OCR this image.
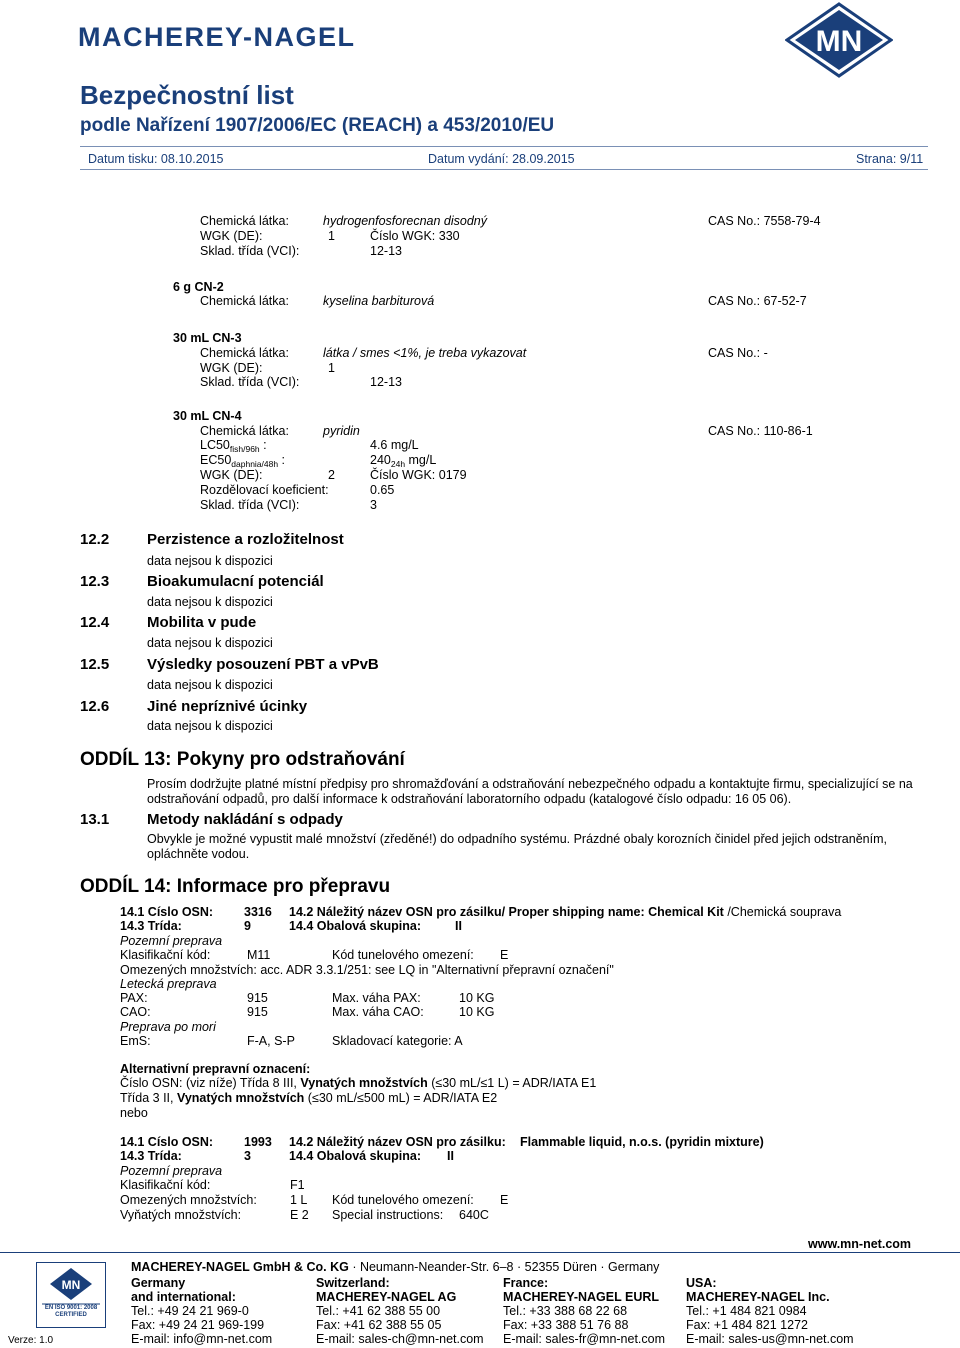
MACHEREY-NAGEL	MN
Bezpečnostní list
podle Nařízení 1907/2006/EC (REACH) a 453/2010/EU
Datum tisku: 08.10.2015	Datum vydání: 28.09.2015	Strana: 9/11
Chemická látka:	hydrogenfosforecnan disodný	CAS No.: 7558-79-4
WGK (DE):	1	Číslo WGK: 330
Sklad. třída (VCI):	12-13
6 g CN-2
Chemická látka:	kyselina barbiturová	CAS No.: 67-52-7
30 mL CN-3
Chemická látka:	látka / smes <1%, je treba vykazovat	CAS No.: -
WGK (DE):	1
Sklad. třída (VCI):	12-13
30 mL CN-4
Chemická látka:	pyridin	CAS No.: 110-86-1
$LC50_{fish/96h}$ :	4.6 mg/L
$EC50_{daphnia/48h}$ :	$240_{24h}$ mg/L
WGK (DE):	2	Číslo WGK: 0179
Rozdělovací koeficient:	0.65
Sklad. třída (VCI):	3
12.2	Perzistence a rozložitelnost
data nejsou k dispozici
12.3	Bioakumulacní potenciál
data nejsou k dispozici
12.4	Mobilita v pude
data nejsou k dispozici
12.5	Výsledky posouzení PBT a vPvB
data nejsou k dispozici
12.6	Jiné nepríznivé úcinky
data nejsou k dispozici
ODDÍL 13: Pokyny pro odstraňování
Prosím dodržujte platné místní předpisy pro shromažďování a odstraňování nebezpečného odpadu a kontaktujte firmu, specializující se na odstraňování odpadů, pro další informace k odstraňování laboratorního odpadu (katalogové číslo odpadu: 16 05 06).
13.1	Metody nakládání s odpady
Obvykle je možné vypustit malé množství (zředěné!) do odpadního systému. Prázdné obaly korozních činidel před jejich odstraněním, opláchněte vodou.
ODDÍL 14: Informace pro přepravu
14.1 Císlo OSN: 3316 14.2 Náležitý název OSN pro zásilku/ Proper shipping name: Chemical Kit /Chemická souprava
14.3 Trída:	9	14.4 Obalová skupina:	II
Pozemní preprava
Klasifikační kód:	M11	Kód tunelového omezení: E
Omezených množstvích: acc. ADR 3.3.1/251: see LQ in "Alternativní přepravní označení"
Letecká preprava
PAX:	915	Max. váha PAX:	10 KG
CAO:	915	Max. váha CAO:	10 KG
Preprava po mori
EmS:	F-A, S-P	Skladovací kategorie: A
Alternativní prepravní oznacení:
Číslo OSN: (viz níže) Třída 8 III, Vynatých množstvích (≤30 mL/≤1 L) = ADR/IATA E1
Třída 3 II, Vynatých množstvích (≤30 mL/≤500 mL) = ADR/IATA E2
nebo
14.1 Císlo OSN: 1993 14.2 Náležitý název OSN pro zásilku: Flammable liquid, n.o.s. (pyridin mixture)
14.3 Trída:	3	14.4 Obalová skupina: II
Pozemní preprava
Klasifikační kód:	F1
Omezených množstvích:	1 L Kód tunelového omezení: E
Vyňatých množstvích:	E 2 Special instructions: 640C
MN
EN ISO 9001: 2008 CERTIFIED
Verze: 1.0
MACHEREY-NAGEL GmbH & Co. KG · Neumann-Neander-Str. 6–8 · 52355 Düren · Germany
www.mn-net.com
Germany
and international:
Tel.: +49 24 21 969-0
Fax: +49 24 21 969-199
E-mail: info@mn-net.com
Switzerland:
MACHEREY-NAGEL AG
Tel.: +41 62 388 55 00
Fax: +41 62 388 55 05
E-mail: sales-ch@mn-net.com
France:
MACHEREY-NAGEL EURL
Tel.: +33 388 68 22 68
Fax: +33 388 51 76 88
E-mail: sales-fr@mn-net.com
USA:
MACHEREY-NAGEL Inc.
Tel.: +1 484 821 0984
Fax: +1 484 821 1272
E-mail: sales-us@mn-net.com
